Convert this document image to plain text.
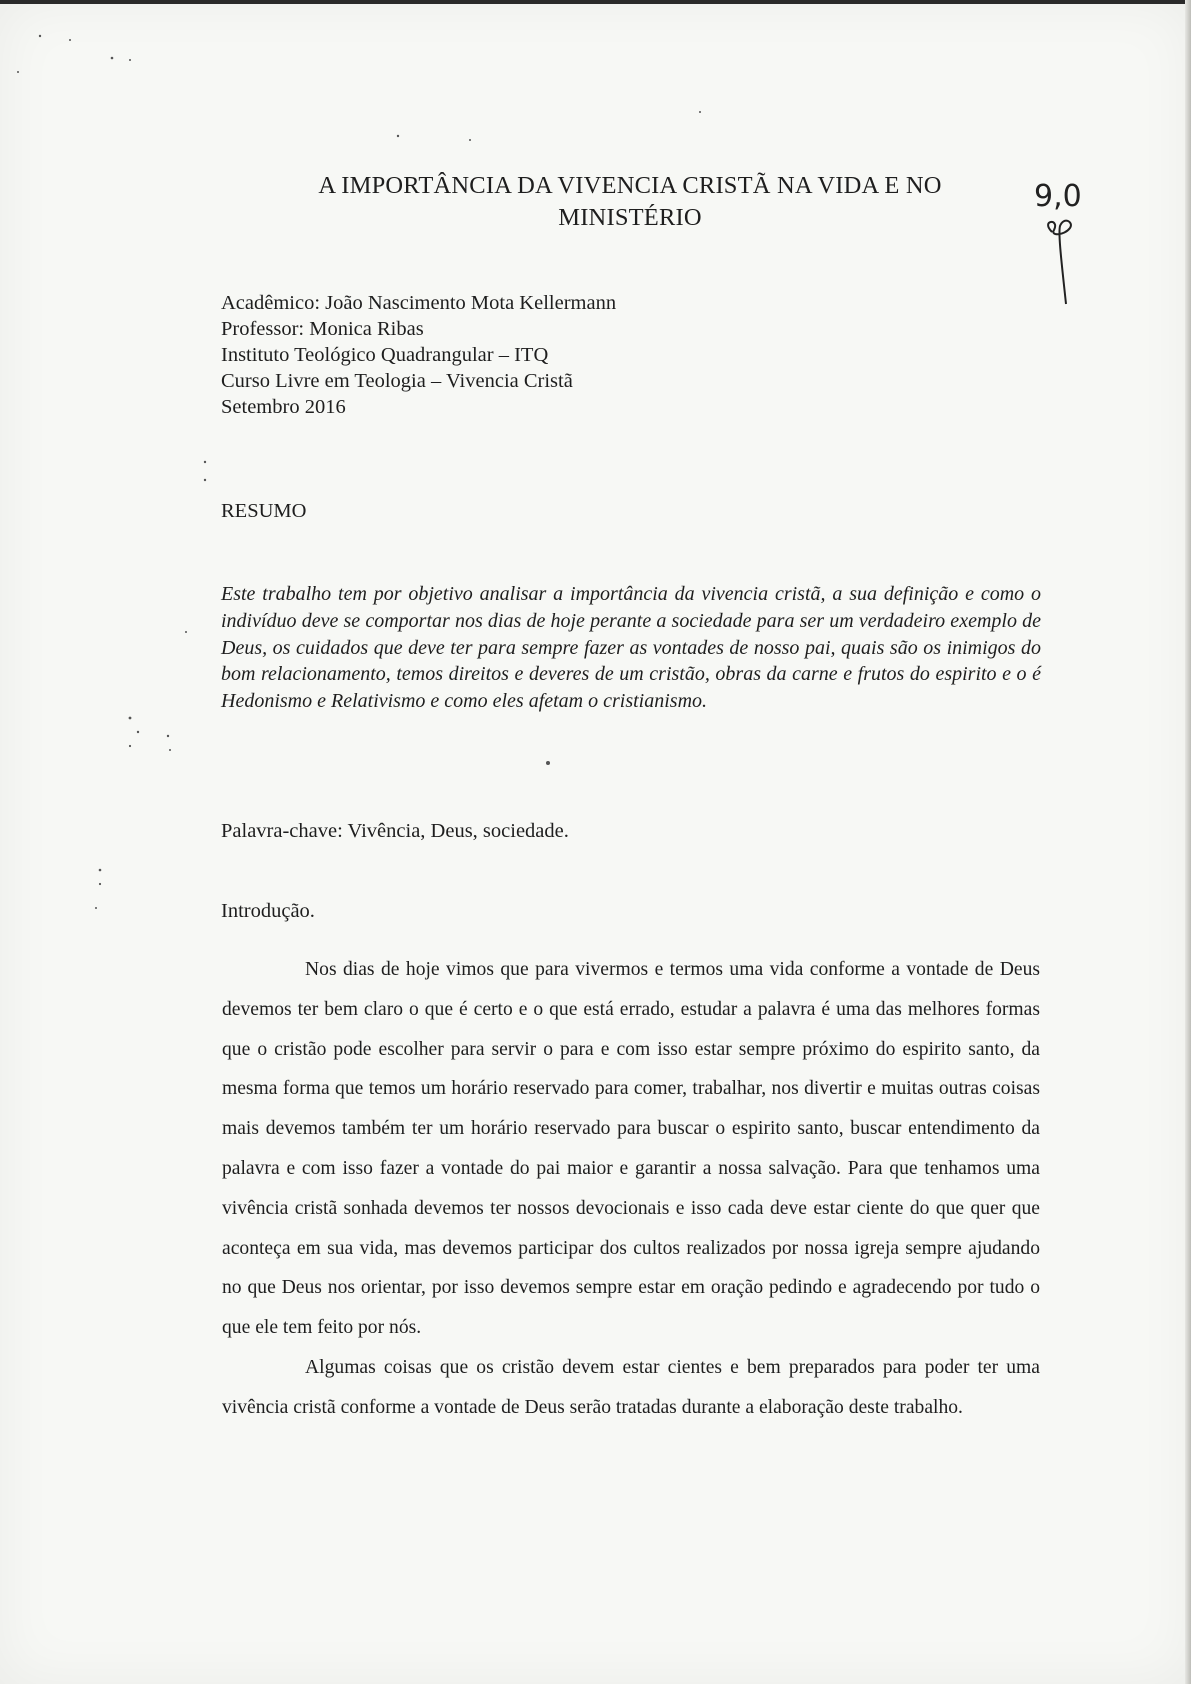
A IMPORTÂNCIA DA VIVENCIA CRISTÃ NA VIDA E NO
MINISTÉRIO
9,0
Acadêmico: João Nascimento Mota Kellermann
Professor: Monica Ribas
Instituto Teológico Quadrangular – ITQ
Curso Livre em Teologia – Vivencia Cristã
Setembro 2016
RESUMO
Este trabalho tem por objetivo analisar a importância da vivencia cristã, a sua definição e como o indivíduo deve se comportar nos dias de hoje perante a sociedade para ser um verdadeiro exemplo de Deus, os cuidados que deve ter para sempre fazer as vontades de nosso pai, quais são os inimigos do bom relacionamento, temos direitos e deveres de um cristão, obras da carne e frutos do espirito e o é Hedonismo e Relativismo e como eles afetam o cristianismo.
Palavra-chave: Vivência, Deus, sociedade.
Introdução.

Nos dias de hoje vimos que para vivermos e termos uma vida conforme a vontade de Deus devemos ter bem claro o que é certo e o que está errado, estudar a palavra é uma das melhores formas que o cristão pode escolher para servir o para e com isso estar sempre próximo do espirito santo, da mesma forma que temos um horário reservado para comer, trabalhar, nos divertir e muitas outras coisas mais devemos também ter um horário reservado para buscar o espirito santo, buscar entendimento da palavra e com isso fazer a vontade do pai maior e garantir a nossa salvação. Para que tenhamos uma vivência cristã sonhada devemos ter nossos devocionais e isso cada deve estar ciente do que quer que aconteça em sua vida, mas devemos participar dos cultos realizados por nossa igreja sempre ajudando no que Deus nos orientar, por isso devemos sempre estar em oração pedindo e agradecendo por tudo o que ele tem feito por nós.

Algumas coisas que os cristão devem estar cientes e bem preparados para poder ter uma vivência cristã conforme a vontade de Deus serão tratadas durante a elaboração deste trabalho.
